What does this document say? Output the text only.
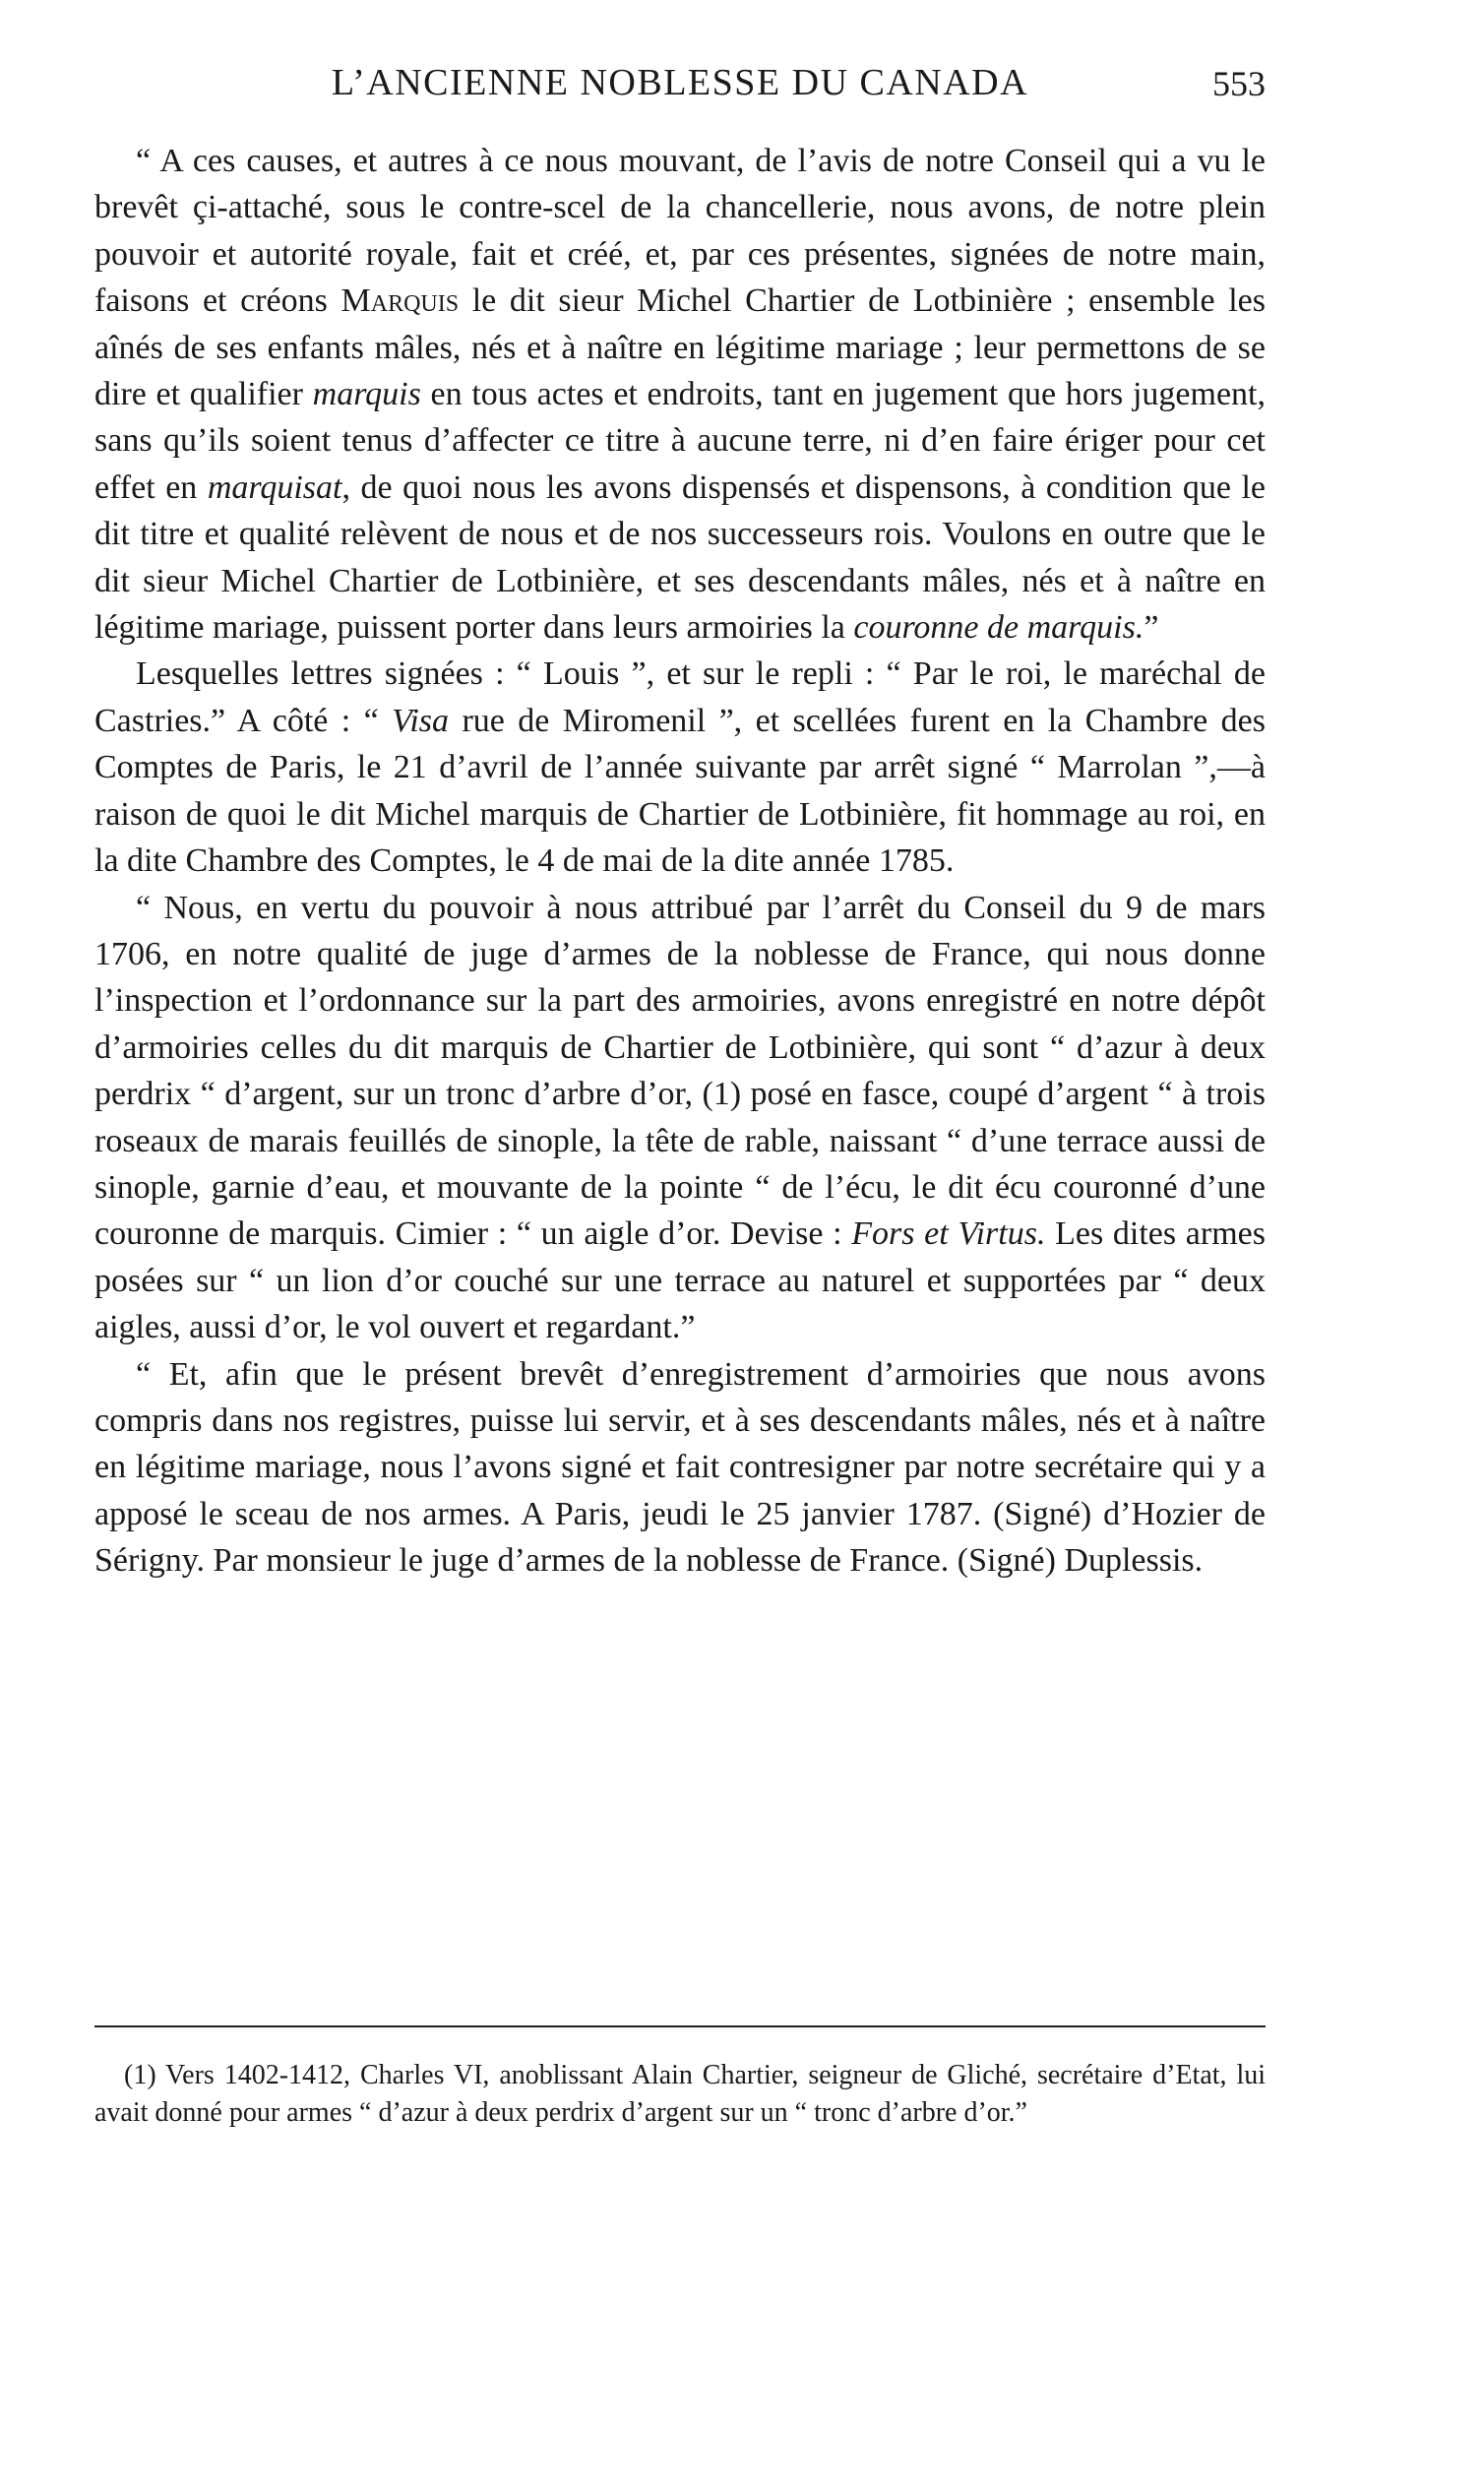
L’ANCIENNE NOBLESSE DU CANADA	553

“ A ces causes, et autres à ce nous mouvant, de l’avis de notre Conseil qui a vu le brevêt çi-attaché, sous le contre-scel de la chancellerie, nous avons, de notre plein pouvoir et autorité royale, fait et créé, et, par ces présentes, signées de notre main, faisons et créons Marquis le dit sieur Michel Chartier de Lotbinière ; ensemble les aînés de ses enfants mâles, nés et à naître en légitime mariage ; leur permettons de se dire et qualifier marquis en tous actes et endroits, tant en jugement que hors jugement, sans qu’ils soient tenus d’affecter ce titre à aucune terre, ni d’en faire ériger pour cet effet en marquisat, de quoi nous les avons dispensés et dispensons, à condition que le dit titre et qualité relèvent de nous et de nos successeurs rois. Voulons en outre que le dit sieur Michel Chartier de Lotbinière, et ses descendants mâles, nés et à naître en légitime mariage, puissent porter dans leurs armoiries la couronne de marquis.”

Lesquelles lettres signées : “ Louis ”, et sur le repli : “ Par le roi, le maréchal de Castries.” A côté : “ Visa rue de Miromenil ”, et scellées furent en la Chambre des Comptes de Paris, le 21 d’avril de l’année suivante par arrêt signé “ Marrolan ”,—à raison de quoi le dit Michel marquis de Chartier de Lotbinière, fit hommage au roi, en la dite Chambre des Comptes, le 4 de mai de la dite année 1785.

“ Nous, en vertu du pouvoir à nous attribué par l’arrêt du Conseil du 9 de mars 1706, en notre qualité de juge d’armes de la noblesse de France, qui nous donne l’inspection et l’ordonnance sur la part des armoiries, avons enregistré en notre dépôt d’armoiries celles du dit marquis de Chartier de Lotbinière, qui sont “ d’azur à deux perdrix “ d’argent, sur un tronc d’arbre d’or, (1) posé en fasce, coupé d’argent “ à trois roseaux de marais feuillés de sinople, la tête de rable, naissant “ d’une terrace aussi de sinople, garnie d’eau, et mouvante de la pointe “ de l’écu, le dit écu couronné d’une couronne de marquis. Cimier : “ un aigle d’or. Devise : Fors et Virtus. Les dites armes posées sur “ un lion d’or couché sur une terrace au naturel et supportées par “ deux aigles, aussi d’or, le vol ouvert et regardant.”

“ Et, afin que le présent brevêt d’enregistrement d’armoiries que nous avons compris dans nos registres, puisse lui servir, et à ses descendants mâles, nés et à naître en légitime mariage, nous l’avons signé et fait contresigner par notre secrétaire qui y a apposé le sceau de nos armes. A Paris, jeudi le 25 janvier 1787. (Signé) d’Hozier de Sérigny. Par monsieur le juge d’armes de la noblesse de France. (Signé) Duplessis.

(1) Vers 1402-1412, Charles VI, anoblissant Alain Chartier, seigneur de Gliché, secrétaire d’Etat, lui avait donné pour armes “ d’azur à deux perdrix d’argent sur un “ tronc d’arbre d’or.”
